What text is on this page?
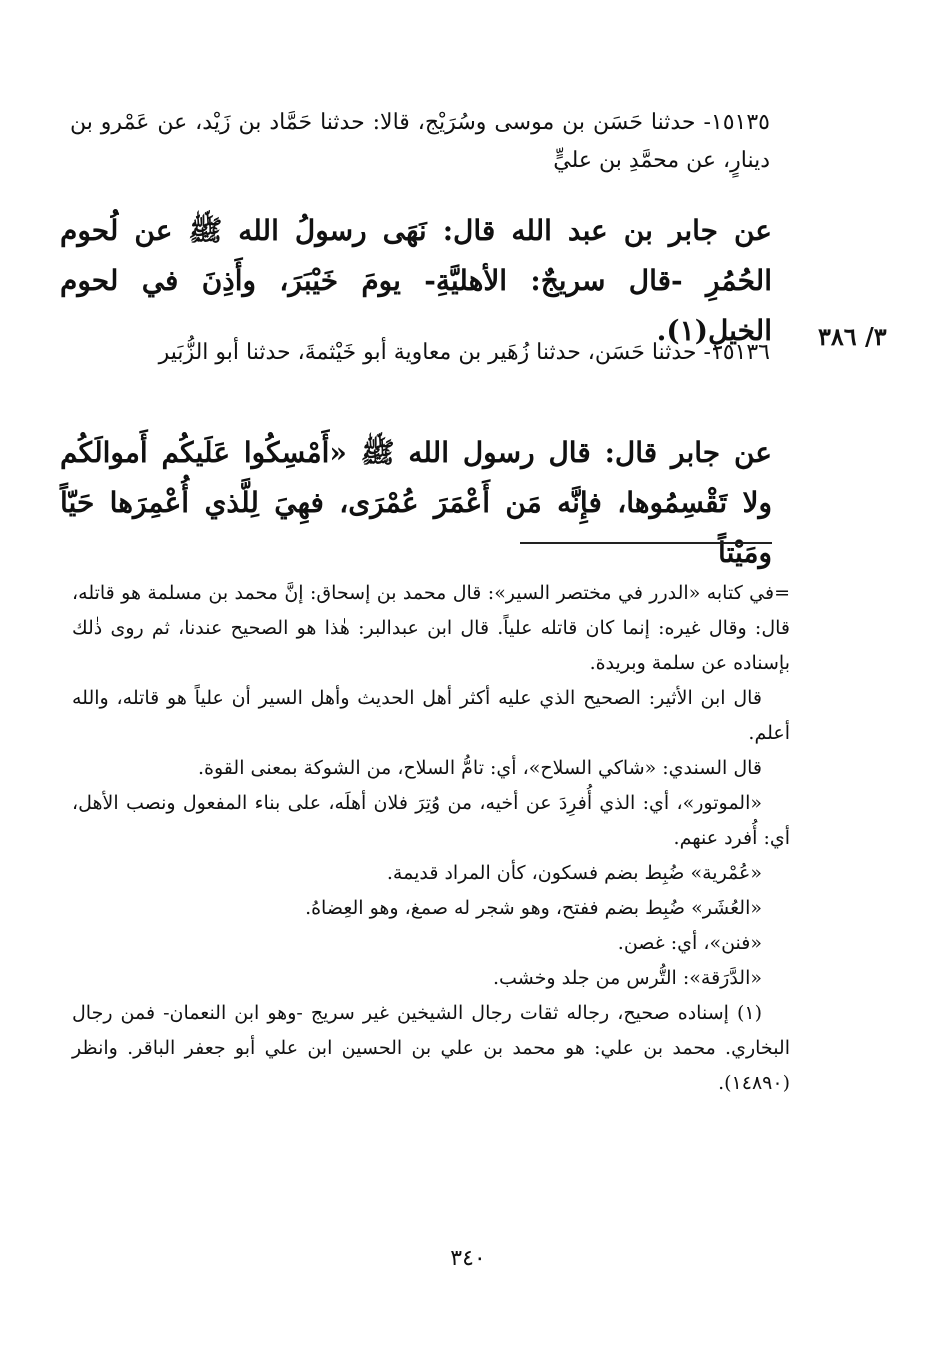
١٥١٣٥- حدثنا حَسَن بن موسى وسُرَيْج، قالا: حدثنا حَمَّاد بن زَيْد، عن عَمْرو بن دينارٍ، عن محمَّدِ بن عليٍّ

عن جابر بن عبد الله قال: نَهَى رسولُ الله ﷺ عن لُحوم الحُمُرِ -قال سريجٌ: الأهليَّةِ- يومَ خَيْبَرَ، وأَذِنَ في لحوم الخيلِ(١). ٣/ ٣٨٦

١٥١٣٦- حدثنا حَسَن، حدثنا زُهَير بن معاوية أبو خَيْثمةَ، حدثنا أبو الزُّبَير

عن جابر قال: قال رسول الله ﷺ «أَمْسِكُوا عَلَيكُم أَموالَكُم ولا تَقْسِمُوها، فإِنَّه مَن أَعْمَرَ عُمْرَى، فهِيَ لِلَّذي أُعْمِرَها حَيّاً ومَيْتاً

=في كتابه «الدرر في مختصر السير»: قال محمد بن إسحاق: إنَّ محمد بن مسلمة هو قاتله، قال: وقال غيره: إنما كان قاتله علياً. قال ابن عبدالبر: هٰذا هو الصحيح عندنا، ثم روى ذٰلك بإسناده عن سلمة وبريدة.

قال ابن الأثير: الصحيح الذي عليه أكثر أهل الحديث وأهل السير أن علياً هو قاتله، والله أعلم.

قال السندي: «شاكي السلاح»، أي: تامُّ السلاح، من الشوكة بمعنى القوة.

«الموتور»، أي: الذي أُفرِدَ عن أخيه، من وُتِرَ فلان أهلَه، على بناء المفعول ونصب الأهل، أي: أُفرد عنهم.

«عُمْرية» ضُبِط بضم فسكون، كأن المراد قديمة.

«العُشَر» ضُبِط بضم ففتح، وهو شجر له صمغ، وهو العِضاهُ.

«فنن»، أي: غصن.

«الدَّرَقة»: التُّرس من جلد وخشب.

(١) إسناده صحيح، رجاله ثقات رجال الشيخين غير سريج -وهو ابن النعمان- فمن رجال البخاري. محمد بن علي: هو محمد بن علي بن الحسين ابن علي أبو جعفر الباقر. وانظر (١٤٨٩٠).

٣٤٠
